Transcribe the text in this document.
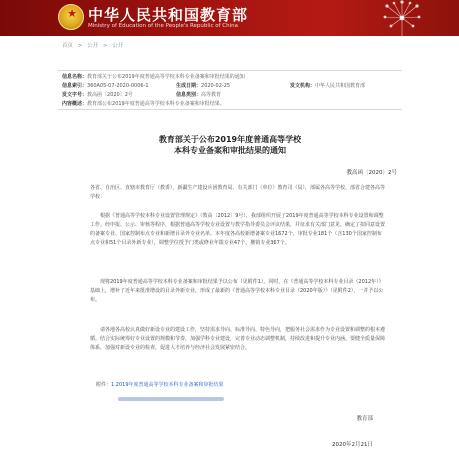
★ 中华人民共和国教育部
Ministry of Education of the People's Republic of China
首页 > 公开 > 公开
信息名称：教育部关于公布2019年度普通高等学校本科专业备案和审批结果的通知
信息索引：360A05-07-2020-0006-1	生成日期：2020-02-25	发文机构：中华人民共和国教育部
发文字号：教高函〔2020〕2号	信息类别：高等教育
内容概述：教育部公布2019年度普通高等学校本科专业备案和审批结果。
教育部关于公布2019年度普通高等学校
本科专业备案和审批结果的通知
教高函〔2020〕2号
各省、自治区、直辖市教育厅（教委），新疆生产建设兵团教育局，有关部门（单位）教育司（局），部属各高等学校、部省合建各高等学校：
根据《普通高等学校本科专业设置管理规定》（教高〔2012〕9号），我部组织开展了2019年度普通高等学校本科专业设置和调整工作。经申报、公示、审核等程序，根据普通高等学校专业设置与教学指导委员会评议结果，并征求有关部门意见，确定了拟同意设置的备案专业、国家控制布点专业和新增目录外专业名单。本年度各高校新增备案专业1672个，审批专业181个（含130个国家控制布点专业和51个目录外新专业），调整学位授予门类或修业年限专业47个，撤销专业367个。
现将2019年度普通高等学校本科专业备案和审批结果予以公布（见附件1）。同时，在《普通高等学校本科专业目录（2012年）》基础上，增补了近年来批准增设的目录外新专业，形成了最新的《普通高等学校本科专业目录（2020年版）》（见附件2），一并予以公布。
请各地各高校认真做好新设专业的建设工作，坚持需求导向、标准导向、特色导向，把服务社会需求作为专业设置和调整的根本遵循。结合实际统筹好专业设置的规模和节奏，加强学科专业建设，完善专业动态调整机制，持续改进和提升专业内涵。要健全质量保障体系，加强对新设专业的检查，促进人才培养与经济社会发展紧密结合。
附件：1.2019年度普通高等学校本科专业备案和审批结果
教育部
2020年2月21日
